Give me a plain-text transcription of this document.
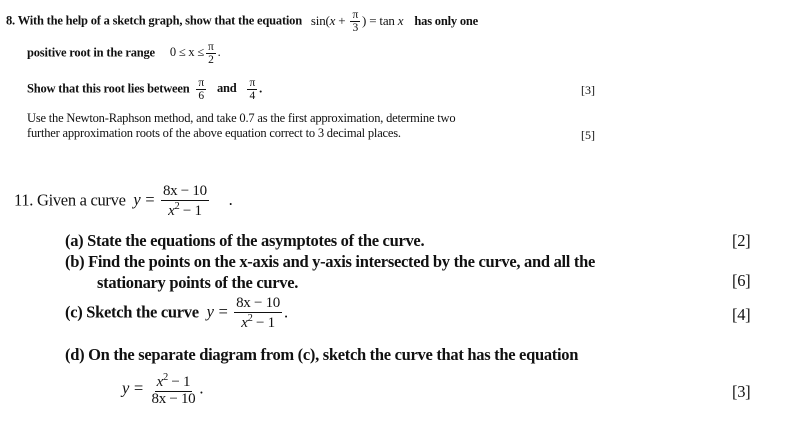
8. With the help of a sketch graph, show that the equation $\sin(x + \frac{\pi}{3}$ ) = tan x has only one
positive root in the range $0 \le x \le \frac{\pi}{2}$ .
Show that this root lies between $\frac{\pi}{6}$ and $\frac{\pi}{4}$ .	[3]
Use the Newton-Raphson method, and take 0.7 as the first approximation, determine two
further approximation roots of the above equation correct to 3 decimal places.	[5]
11. Given a curve $y = \frac{8x - 10}{x^2 - 1}$ .
(a) State the equations of the asymptotes of the curve.	[2]
(b) Find the points on the x-axis and y-axis intersected by the curve, and all the
stationary points of the curve.	[6]
(c) Sketch the curve $y = \frac{8x - 10}{x^2 - 1}$ .	[4]
(d) On the separate diagram from (c), sketch the curve that has the equation
$y = \frac{x^2 - 1}{8x - 10}$ .	[3]
